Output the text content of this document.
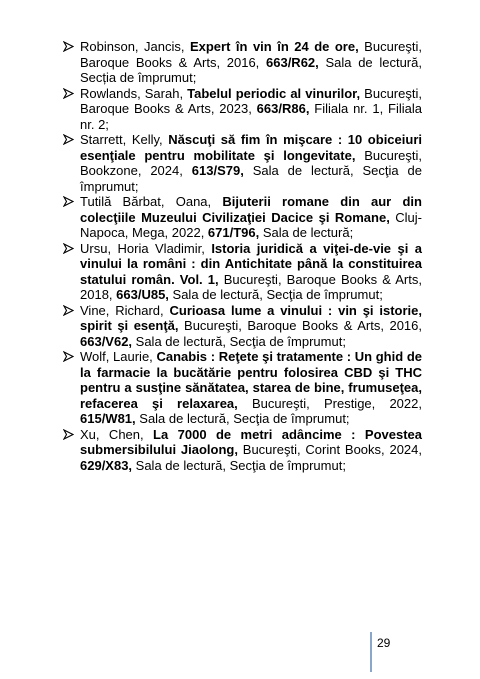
Robinson, Jancis, Expert în vin în 24 de ore, Bucureşti, Baroque Books & Arts, 2016, 663/R62, Sala de lectură, Secția de împrumut;

Rowlands, Sarah, Tabelul periodic al vinurilor, Bucureşti, Baroque Books & Arts, 2023, 663/R86, Filiala nr. 1, Filiala nr. 2;

Starrett, Kelly, Născuţi să fim în mişcare : 10 obiceiuri esenţiale pentru mobilitate şi longevitate, Bucureşti, Bookzone, 2024, 613/S79, Sala de lectură, Secţia de împrumut;

Tutilă Bărbat, Oana, Bijuterii romane din aur din colecţiile Muzeului Civilizaţiei Dacice şi Romane, Cluj-Napoca, Mega, 2022, 671/T96, Sala de lectură;

Ursu, Horia Vladimir, Istoria juridică a viţei-de-vie şi a vinului la români : din Antichitate până la constituirea statului român. Vol. 1, Bucureşti, Baroque Books & Arts, 2018, 663/U85, Sala de lectură, Secţia de împrumut;

Vine, Richard, Curioasa lume a vinului : vin şi istorie, spirit şi esenţă, Bucureşti, Baroque Books & Arts, 2016, 663/V62, Sala de lectură, Secţia de împrumut;

Wolf, Laurie, Canabis : Reţete şi tratamente : Un ghid de la farmacie la bucătărie pentru folosirea CBD şi THC pentru a susţine sănătatea, starea de bine, frumuseţea, refacerea şi relaxarea, Bucureşti, Prestige, 2022, 615/W81, Sala de lectură, Secţia de împrumut;

Xu, Chen, La 7000 de metri adâncime : Povestea submersibilului Jiaolong, Bucureşti, Corint Books, 2024, 629/X83, Sala de lectură, Secţia de împrumut;

29
